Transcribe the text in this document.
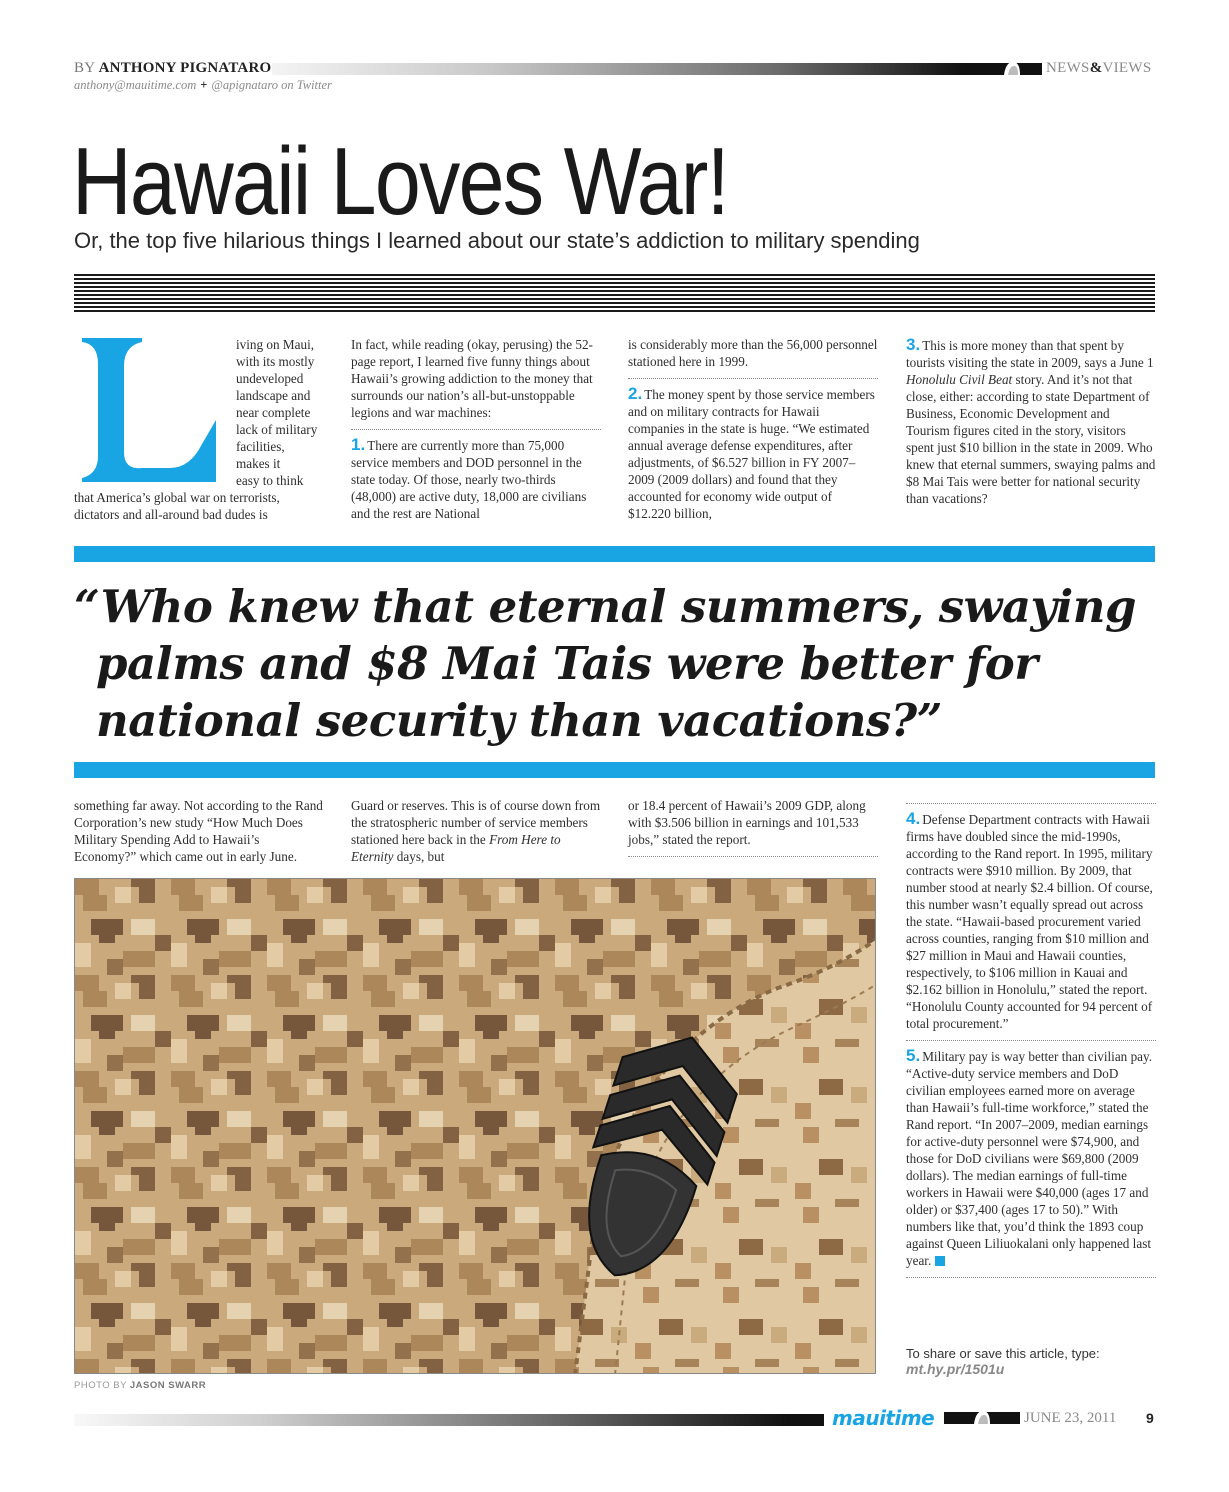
BY ANTHONY PIGNATARO
anthony@mauitime.com + @apignataro on Twitter
NEWS&VIEWS
Hawaii Loves War!
Or, the top five hilarious things I learned about our state’s addiction to military spending

iving on Maui,

with its mostly

undeveloped

landscape and

near complete

lack of military

facilities,

makes it

easy to think

that America’s global war on terrorists, dictators and all-around bad dudes is

In fact, while reading (okay, perusing) the 52-page report, I learned five funny things about Hawaii’s growing addiction to the money that surrounds our nation’s all-but-unstoppable legions and war machines:

1. There are currently more than 75,000 service members and DOD personnel in the state today. Of those, nearly two-thirds (48,000) are active duty, 18,000 are civilians and the rest are National

is considerably more than the 56,000 personnel stationed here in 1999.

2. The money spent by those service members and on military contracts for Hawaii companies in the state is huge. “We estimated annual average defense expenditures, after adjustments, of $6.527 billion in FY 2007–2009 (2009 dollars) and found that they accounted for economy wide output of $12.220 billion,

3. This is more money than that spent by tourists visiting the state in 2009, says a June 1 Honolulu Civil Beat story. And it’s not that close, either: according to state Department of Business, Economic Development and Tourism figures cited in the story, visitors spent just $10 billion in the state in 2009. Who knew that eternal summers, swaying palms and $8 Mai Tais were better for national security than vacations?

“Who knew that eternal summers, swaying
palms and $8 Mai Tais were better for
national security than vacations?”

something far away. Not according to the Rand Corporation’s new study “How Much Does Military Spending Add to Hawaii’s Economy?” which came out in early June.

Guard or reserves. This is of course down from the stratospheric number of service members stationed here back in the From Here to Eternity days, but

or 18.4 percent of Hawaii’s 2009 GDP, along with $3.506 billion in earnings and 101,533 jobs,” stated the report.

4. Defense Department contracts with Hawaii firms have doubled since the mid-1990s, according to the Rand report. In 1995, military contracts were $910 million. By 2009, that number stood at nearly $2.4 billion. Of course, this number wasn’t equally spread out across the state. “Hawaii-based procurement varied across counties, ranging from $10 million and $27 million in Maui and Hawaii counties, respectively, to $106 million in Kauai and $2.162 billion in Honolulu,” stated the report. “Honolulu County accounted for 94 percent of total procurement.”

5. Military pay is way better than civilian pay. “Active-duty service members and DoD civilian employees earned more on average than Hawaii’s full-time workforce,” stated the Rand report. “In 2007–2009, median earnings for active-duty personnel were $74,900, and those for DoD civilians were $69,800 (2009 dollars). The median earnings of full-time workers in Hawaii were $40,000 (ages 17 and older) or $37,400 (ages 17 to 50).” With numbers like that, you’d think the 1893 coup against Queen Liliuokalani only happened last year.

To share or save this article, type:
mt.hy.pr/1501u
PHOTO BY JASON SWARR
mauitime	JUNE 23, 2011 9
